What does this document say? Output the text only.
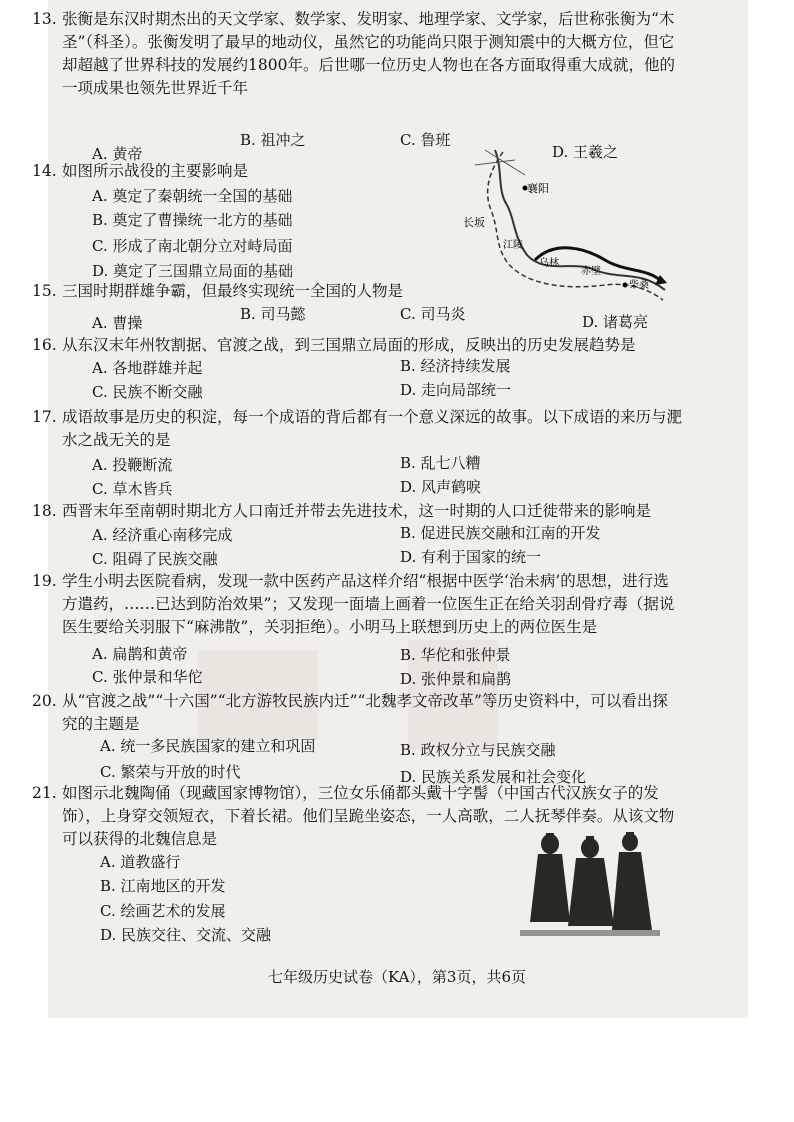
13. 张衡是东汉时期杰出的天文学家、数学家、发明家、地理学家、文学家，后世称张衡为“木圣”（科圣）。张衡发明了最早的地动仪，虽然它的功能尚只限于测知震中的大概方位，但它却超越了世界科技的发展约1800年。后世哪一位历史人物也在各方面取得重大成就，他的一项成果也领先世界近千年
A. 黄帝
B. 祖冲之	C. 鲁班
D. 王羲之
14. 如图所示战役的主要影响是
A. 奠定了秦朝统一全国的基础
B. 奠定了曹操统一北方的基础
C. 形成了南北朝分立对峙局面
D. 奠定了三国鼎立局面的基础
襄阳
长坂
江陵
乌林
赤壁
柴桑
15. 三国时期群雄争霸，但最终实现统一全国的人物是
A. 曹操	B. 司马懿	C. 司马炎	D. 诸葛亮
16. 从东汉末年州牧割据、官渡之战，到三国鼎立局面的形成，反映出的历史发展趋势是
A. 各地群雄并起	B. 经济持续发展
C. 民族不断交融	D. 走向局部统一
17. 成语故事是历史的积淀，每一个成语的背后都有一个意义深远的故事。以下成语的来历与淝水之战无关的是
A. 投鞭断流	B. 乱七八糟
C. 草木皆兵	D. 风声鹤唳
18. 西晋末年至南朝时期北方人口南迁并带去先进技术，这一时期的人口迁徙带来的影响是
A. 经济重心南移完成	B. 促进民族交融和江南的开发
C. 阻碍了民族交融	D. 有利于国家的统一
19. 学生小明去医院看病，发现一款中医药产品这样介绍“根据中医学‘治未病’的思想，进行选方遣药，……已达到防治效果”；又发现一面墙上画着一位医生正在给关羽刮骨疗毒（据说医生要给关羽服下“麻沸散”，关羽拒绝）。小明马上联想到历史上的两位医生是
A. 扁鹊和黄帝	B. 华佗和张仲景
C. 张仲景和华佗	D. 张仲景和扁鹊
20. 从“官渡之战”“十六国”“北方游牧民族内迁”“北魏孝文帝改革”等历史资料中，可以看出探究的主题是
A. 统一多民族国家的建立和巩固	B. 政权分立与民族交融
C. 繁荣与开放的时代	D. 民族关系发展和社会变化
21. 如图示北魏陶俑（现藏国家博物馆），三位女乐俑都头戴十字髻（中国古代汉族女子的发饰），上身穿交领短衣，下着长裙。他们呈跪坐姿态，一人高歌，二人抚琴伴奏。从该文物可以获得的北魏信息是
A. 道教盛行
B. 江南地区的开发
C. 绘画艺术的发展
D. 民族交往、交流、交融
七年级历史试卷（KA），第3页，共6页
